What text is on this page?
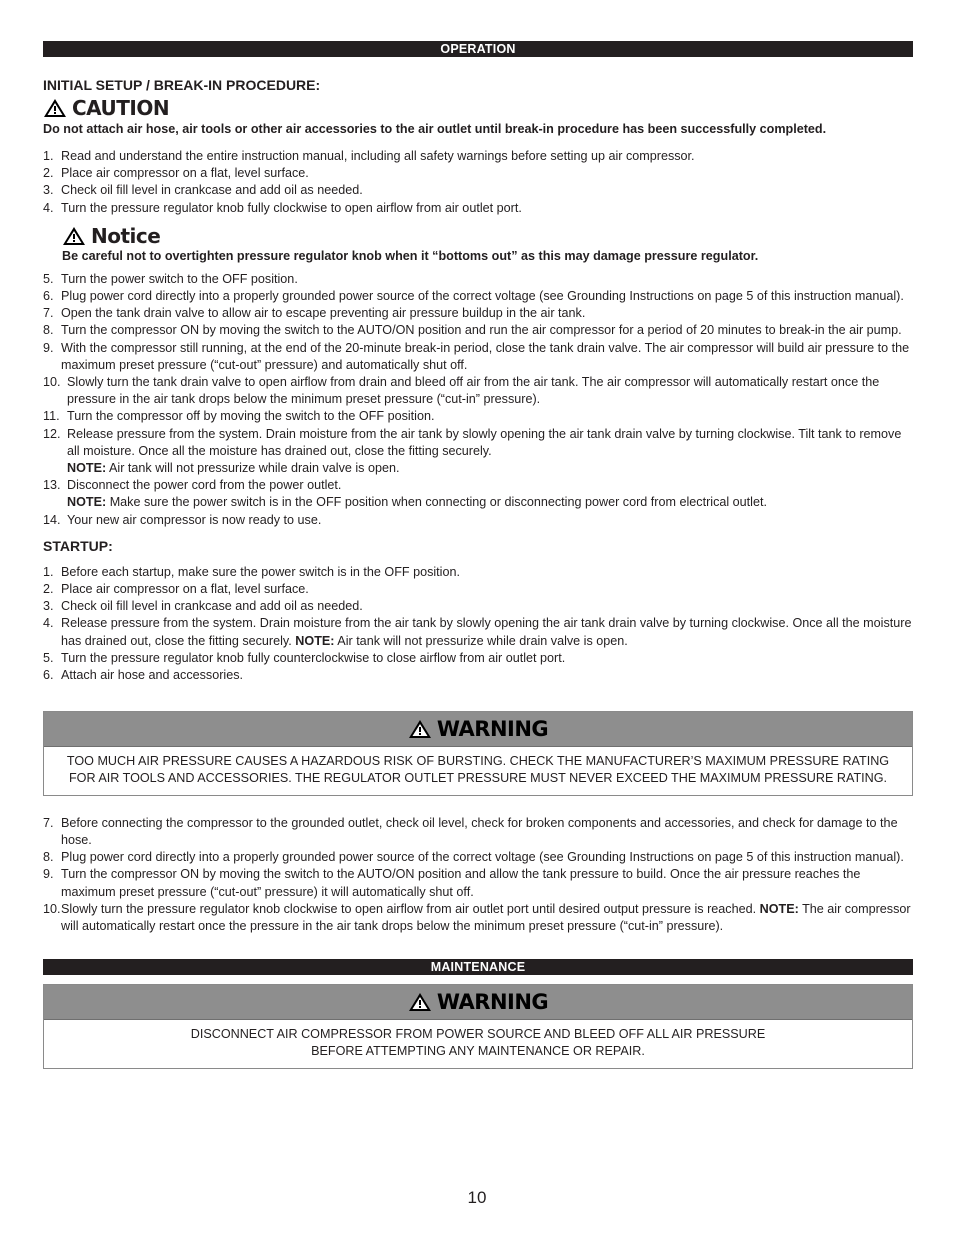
OPERATION
INITIAL SETUP / BREAK-IN PROCEDURE:
CAUTION
Do not attach air hose, air tools or other air accessories to the air outlet until break-in procedure has been successfully completed.
1. Read and understand the entire instruction manual, including all safety warnings before setting up air compressor.
2. Place air compressor on a flat, level surface.
3. Check oil fill level in crankcase and add oil as needed.
4. Turn the pressure regulator knob fully clockwise to open airflow from air outlet port.
Notice
Be careful not to overtighten pressure regulator knob when it “bottoms out” as this may damage pressure regulator.
5. Turn the power switch to the OFF position.
6. Plug power cord directly into a properly grounded power source of the correct voltage (see Grounding Instructions on page 5 of this instruction manual).
7. Open the tank drain valve to allow air to escape preventing air pressure buildup in the air tank.
8. Turn the compressor ON by moving the switch to the AUTO/ON position and run the air compressor for a period of 20 minutes to break-in the air pump.
9. With the compressor still running, at the end of the 20-minute break-in period, close the tank drain valve. The air compressor will build air pressure to the maximum preset pressure (“cut-out” pressure) and automatically shut off.
10. Slowly turn the tank drain valve to open airflow from drain and bleed off air from the air tank. The air compressor will automatically restart once the pressure in the air tank drops below the minimum preset pressure (“cut-in” pressure).
11. Turn the compressor off by moving the switch to the OFF position.
12. Release pressure from the system. Drain moisture from the air tank by slowly opening the air tank drain valve by turning clockwise. Tilt tank to remove all moisture. Once all the moisture has drained out, close the fitting securely.
NOTE: Air tank will not pressurize while drain valve is open.
13. Disconnect the power cord from the power outlet.
NOTE: Make sure the power switch is in the OFF position when connecting or disconnecting power cord from electrical outlet.
14. Your new air compressor is now ready to use.
STARTUP:
1. Before each startup, make sure the power switch is in the OFF position.
2. Place air compressor on a flat, level surface.
3. Check oil fill level in crankcase and add oil as needed.
4. Release pressure from the system. Drain moisture from the air tank by slowly opening the air tank drain valve by turning clockwise. Once all the moisture has drained out, close the fitting securely. NOTE: Air tank will not pressurize while drain valve is open.
5. Turn the pressure regulator knob fully counterclockwise to close airflow from air outlet port.
6. Attach air hose and accessories.
WARNING
TOO MUCH AIR PRESSURE CAUSES A HAZARDOUS RISK OF BURSTING. CHECK THE MANUFACTURER’S MAXIMUM PRESSURE RATING FOR AIR TOOLS AND ACCESSORIES. THE REGULATOR OUTLET PRESSURE MUST NEVER EXCEED THE MAXIMUM PRESSURE RATING.
7. Before connecting the compressor to the grounded outlet, check oil level, check for broken components and accessories, and check for damage to the hose.
8. Plug power cord directly into a properly grounded power source of the correct voltage (see Grounding Instructions on page 5 of this instruction manual).
9. Turn the compressor ON by moving the switch to the AUTO/ON position and allow the tank pressure to build. Once the air pressure reaches the maximum preset pressure (“cut-out” pressure) it will automatically shut off.
10. Slowly turn the pressure regulator knob clockwise to open airflow from air outlet port until desired output pressure is reached. NOTE: The air compressor will automatically restart once the pressure in the air tank drops below the minimum preset pressure (“cut-in” pressure).
MAINTENANCE
WARNING
DISCONNECT AIR COMPRESSOR FROM POWER SOURCE AND BLEED OFF ALL AIR PRESSURE
BEFORE ATTEMPTING ANY MAINTENANCE OR REPAIR.
10
